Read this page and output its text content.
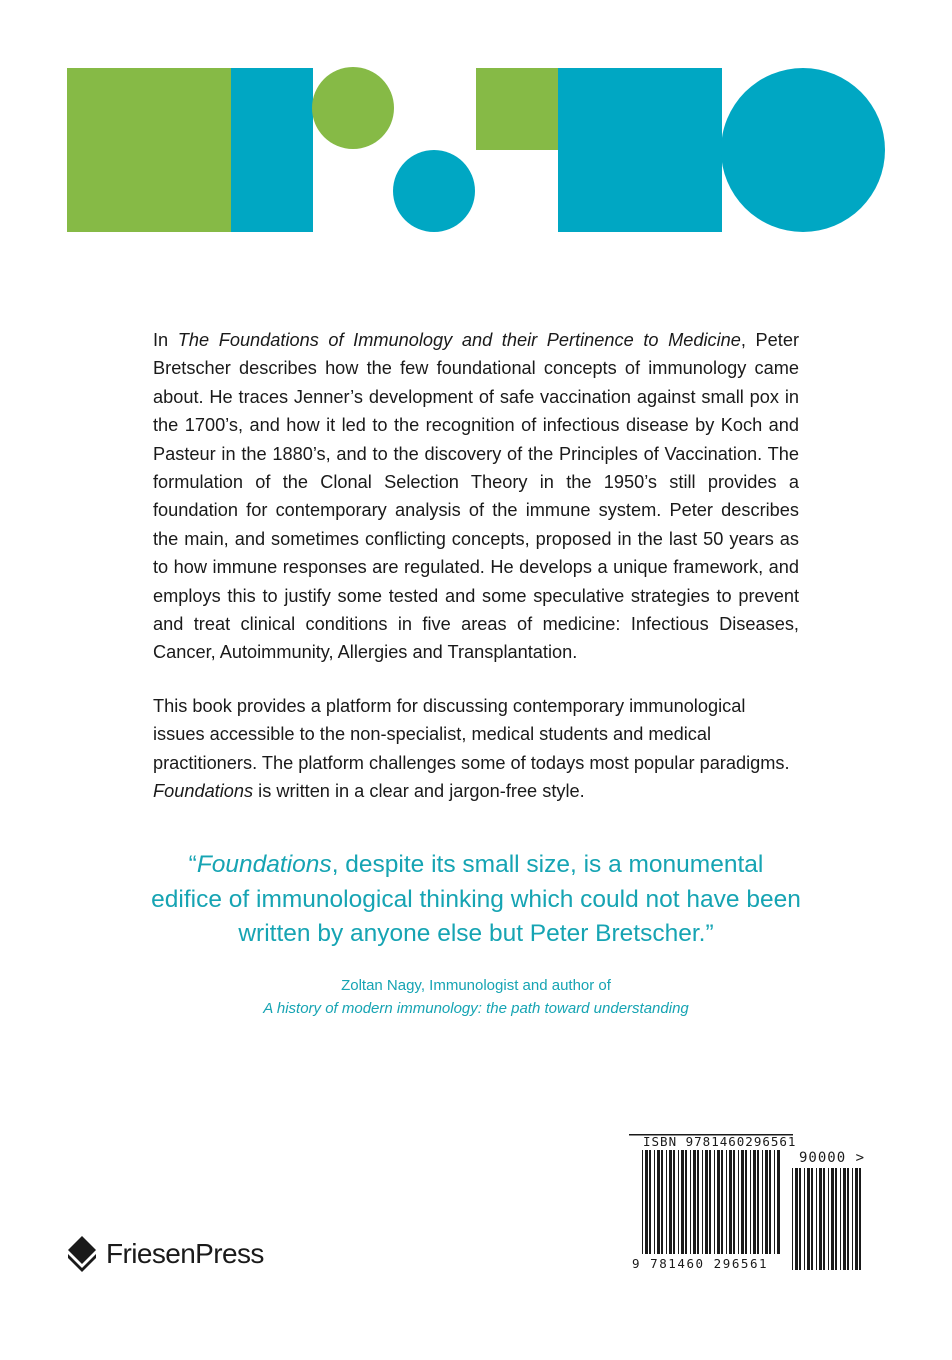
In The Foundations of Immunology and their Pertinence to Medicine, Peter Bretscher describes how the few foundational concepts of immunology came about. He traces Jenner’s development of safe vaccination against small pox in the 1700’s, and how it led to the recognition of infectious disease by Koch and Pasteur in the 1880’s, and to the discovery of the Principles of Vaccination. The formulation of the Clonal Selection Theory in the 1950’s still provides a foundation for contemporary analysis of the immune system. Peter describes the main, and sometimes conflicting concepts, proposed in the last 50 years as to how immune responses are regulated. He develops a unique framework, and employs this to justify some tested and some speculative strategies to prevent and treat clinical conditions in five areas of medicine: Infectious Diseases, Cancer, Autoimmunity, Allergies and Transplantation.

This book provides a platform for discussing contemporary immunological issues accessible to the non-specialist, medical students and medical practitioners. The platform challenges some of todays most popular paradigms. Foundations is written in a clear and jargon-free style.

“Foundations, despite its small size, is a monumental edifice of immunological thinking which could not have been written by anyone else but Peter Bretscher.”
Zoltan Nagy, Immunologist and author of
A history of modern immunology: the path toward understanding
FriesenPress
ISBN 9781460296561
9 781460 296561
90000 >
